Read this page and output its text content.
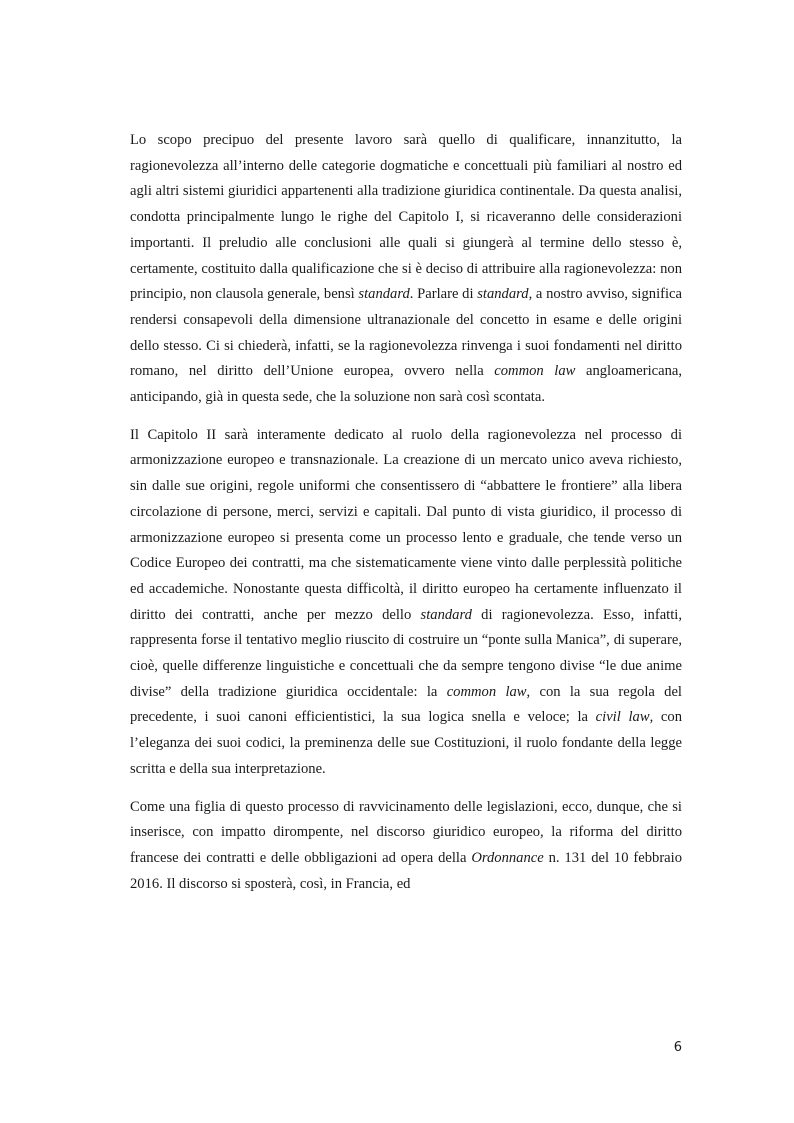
Lo scopo precipuo del presente lavoro sarà quello di qualificare, innanzitutto, la ragionevolezza all’interno delle categorie dogmatiche e concettuali più familiari al nostro ed agli altri sistemi giuridici appartenenti alla tradizione giuridica continentale. Da questa analisi, condotta principalmente lungo le righe del Capitolo I, si ricaveranno delle considerazioni importanti. Il preludio alle conclusioni alle quali si giungerà al termine dello stesso è, certamente, costituito dalla qualificazione che si è deciso di attribuire alla ragionevolezza: non principio, non clausola generale, bensì standard. Parlare di standard, a nostro avviso, significa rendersi consapevoli della dimensione ultranazionale del concetto in esame e delle origini dello stesso. Ci si chiederà, infatti, se la ragionevolezza rinvenga i suoi fondamenti nel diritto romano, nel diritto dell’Unione europea, ovvero nella common law angloamericana, anticipando, già in questa sede, che la soluzione non sarà così scontata.

Il Capitolo II sarà interamente dedicato al ruolo della ragionevolezza nel processo di armonizzazione europeo e transnazionale. La creazione di un mercato unico aveva richiesto, sin dalle sue origini, regole uniformi che consentissero di “abbattere le frontiere” alla libera circolazione di persone, merci, servizi e capitali. Dal punto di vista giuridico, il processo di armonizzazione europeo si presenta come un processo lento e graduale, che tende verso un Codice Europeo dei contratti, ma che sistematicamente viene vinto dalle perplessità politiche ed accademiche. Nonostante questa difficoltà, il diritto europeo ha certamente influenzato il diritto dei contratti, anche per mezzo dello standard di ragionevolezza. Esso, infatti, rappresenta forse il tentativo meglio riuscito di costruire un “ponte sulla Manica”, di superare, cioè, quelle differenze linguistiche e concettuali che da sempre tengono divise “le due anime divise” della tradizione giuridica occidentale: la common law, con la sua regola del precedente, i suoi canoni efficientistici, la sua logica snella e veloce; la civil law, con l’eleganza dei suoi codici, la preminenza delle sue Costituzioni, il ruolo fondante della legge scritta e della sua interpretazione.

Come una figlia di questo processo di ravvicinamento delle legislazioni, ecco, dunque, che si inserisce, con impatto dirompente, nel discorso giuridico europeo, la riforma del diritto francese dei contratti e delle obbligazioni ad opera della Ordonnance n. 131 del 10 febbraio 2016. Il discorso si sposterà, così, in Francia, ed

6
